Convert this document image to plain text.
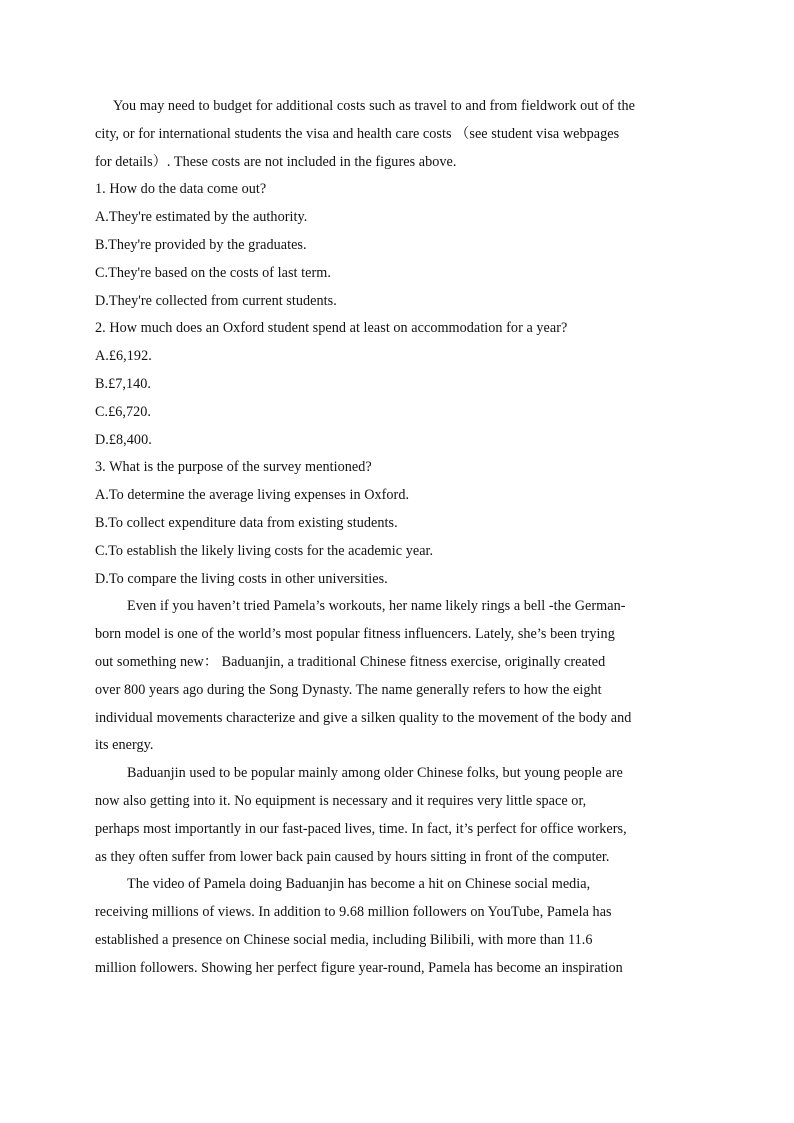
You may need to budget for additional costs such as travel to and from fieldwork out of the
city, or for international students the visa and health care costs （see student visa webpages
for details）. These costs are not included in the figures above.
1. How do the data come out?
A.They're estimated by the authority.
B.They're provided by the graduates.
C.They're based on the costs of last term.
D.They're collected from current students.
2. How much does an Oxford student spend at least on accommodation for a year?
A.£6,192.
B.£7,140.
C.£6,720.
D.£8,400.
3. What is the purpose of the survey mentioned?
A.To determine the average living expenses in Oxford.
B.To collect expenditure data from existing students.
C.To establish the likely living costs for the academic year.
D.To compare the living costs in other universities.
Even if you haven’t tried Pamela’s workouts, her name likely rings a bell -the German-
born model is one of the world’s most popular fitness influencers. Lately, she’s been trying
out something new： Baduanjin, a traditional Chinese fitness exercise, originally created
over 800 years ago during the Song Dynasty. The name generally refers to how the eight
individual movements characterize and give a silken quality to the movement of the body and
its energy.
Baduanjin used to be popular mainly among older Chinese folks, but young people are
now also getting into it. No equipment is necessary and it requires very little space or,
perhaps most importantly in our fast-paced lives, time. In fact, it’s perfect for office workers,
as they often suffer from lower back pain caused by hours sitting in front of the computer.
The video of Pamela doing Baduanjin has become a hit on Chinese social media,
receiving millions of views. In addition to 9.68 million followers on YouTube, Pamela has
established a presence on Chinese social media, including Bilibili, with more than 11.6
million followers. Showing her perfect figure year-round, Pamela has become an inspiration
